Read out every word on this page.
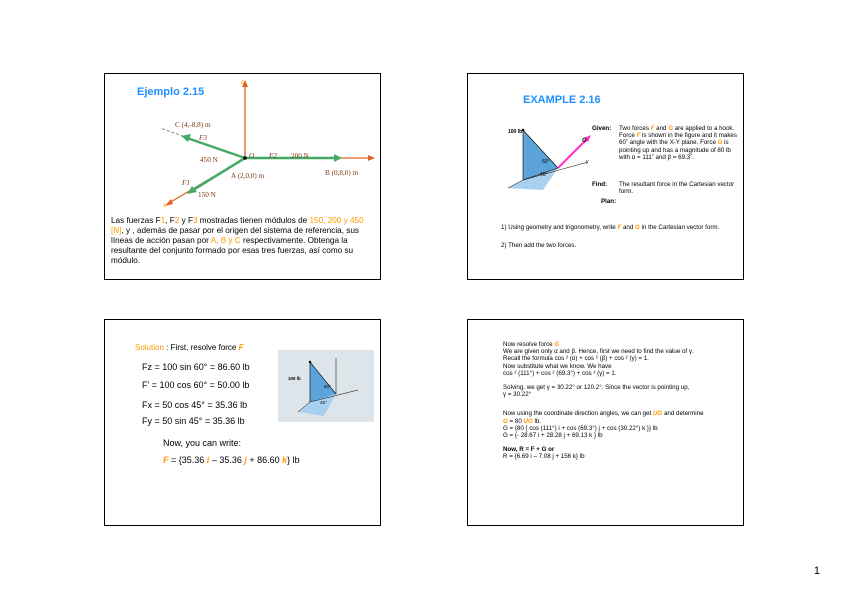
Ejemplo 2.15
z
x
C (4,-8,8) m
F3
450 N	O F2 200 N
A (2,0,0) m	B (0,8,0) m
F1
150 N
Las fuerzas F1, F2 y F3 mostradas tienen módulos de 150, 200 y 450 [N], y , además de pasar por el origen del sistema de referencia, sus líneas de acción pasan por A, B y C respectivamente. Obtenga la resultante del conjunto formado por esas tres fuerzas, así como su módulo.
EXAMPLE 2.16
100 lb
60°
45°
G
y
Given: Two forces F and G are applied to a hook. Force F is shown in the figure and it makes 60˚ angle with the X-Y plane. Force G is pointing up and has a magnitude of 80 lb with α = 111˚ and β = 69.3˚.
Find: The resultant force in the Cartesian vector form.
Plan:
1) Using geometry and trigonometry, write F and G in the Cartesian vector form.
2) Then add the two forces.
Solution : First, resolve force F
Fz = 100 sin 60° = 86.60 lb
F' = 100 cos 60° = 50.00 lb
Fx = 50 cos 45° = 35.36 lb
Fy = 50 sin 45° = 35.36 lb
Now, you can write:
F = {35.36 i – 35.36 j + 86.60 k} lb
100 lb
60°
45°
Now resolve force G
We are given only α and β. Hence, first we need to find the value of γ.
Recall the formula cos ² (α) + cos ² (β) + cos ² (γ) = 1.
Now substitute what we know. We have
cos ² (111°) + cos ² (69.3°) + cos ² (γ) = 1.
Solving, we get γ = 30.22° or 120.2°. Since the vector is pointing up,
γ = 30.22°
Now using the coordinate direction angles, we can get UG and determine
G = 80 UG lb.
G = {80 { cos (111°) i + cos (69.3°) j + cos (30.22°) k }} lb
G = {- 28.67 i + 28.28 j + 69.13 k } lb
Now, R = F + G or
R = {6.69 i – 7.08 j + 156 k} lb
1
